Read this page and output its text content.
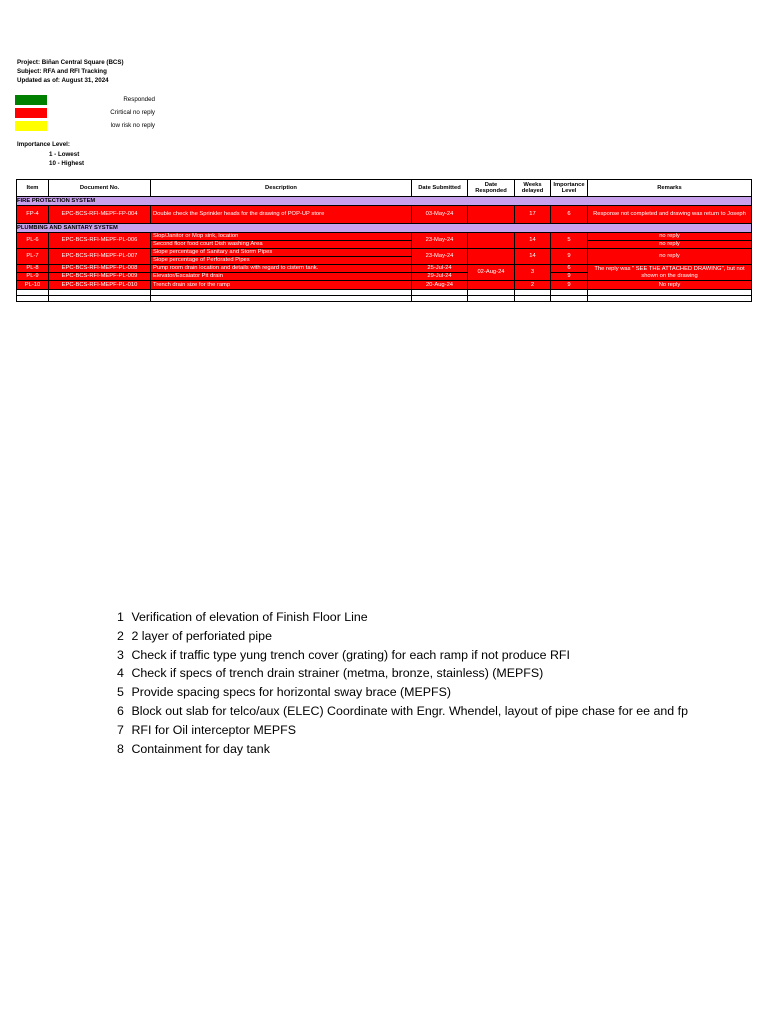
Project: Biñan Central Square (BCS)
Subject: RFA and RFI Tracking
Updated as of: August 31, 2024
Responded
Crirtical no reply
low risk no reply
Importance Level:
1 - Lowest
10 - Highest
Item	Document No.	Description	Date Submitted	Date Responded	Weeks delayed	Importance Level	Remarks
FIRE PROTECTION SYSTEM							
FP-4	EPC-BCS-RFI-MEPF-FP-004	Double check the Sprinkler heads for the drawing of POP-UP store	03-May-24		17	6	Response not completed and drawing was return to Joseph
PLUMBING AND SANITARY SYSTEM							
PL-6	EPC-BCS-RFI-MEPF-PL-006	Slop/Janitor or Mop sink, location	23-May-24		14	5	no reply
		Second floor food court Dish washing Area					no reply
PL-7	EPC-BCS-RFI-MEPF-PL-007	Slope percentage of Sanitary and Storm Pipes	23-May-24		14	9	no reply
		Slope percentage of Perforated Pipes					
PL-8	EPC-BCS-RFI-MEPF-PL-008	Pump room drain location and details with regard to cistern tank.	25-Jul-24	02-Aug-24	3	6	The reply was " SEE THE ATTACHED DRAWING", but not shown on the drawing
PL-9	EPC-BCS-RFI-MEPF-PL-009	Elevator/Escalator Pit drain	29-Jul-24			9	
PL-10	EPC-BCS-RFI-MEPF-PL-010	Trench drain size for the ramp	20-Aug-24		2	9	No reply

1 Verification of elevation of Finish Floor Line
2 2 layer of perforiated pipe
3 Check if traffic type yung trench cover (grating) for each ramp if not produce RFI
4 Check if specs of trench drain strainer (metma, bronze, stainless) (MEPFS)
5 Provide spacing specs for horizontal sway brace (MEPFS)
6 Block out slab for telco/aux (ELEC) Coordinate with Engr. Whendel, layout of pipe chase for ee and fp
7 RFI for Oil interceptor MEPFS
8 Containment for day tank
